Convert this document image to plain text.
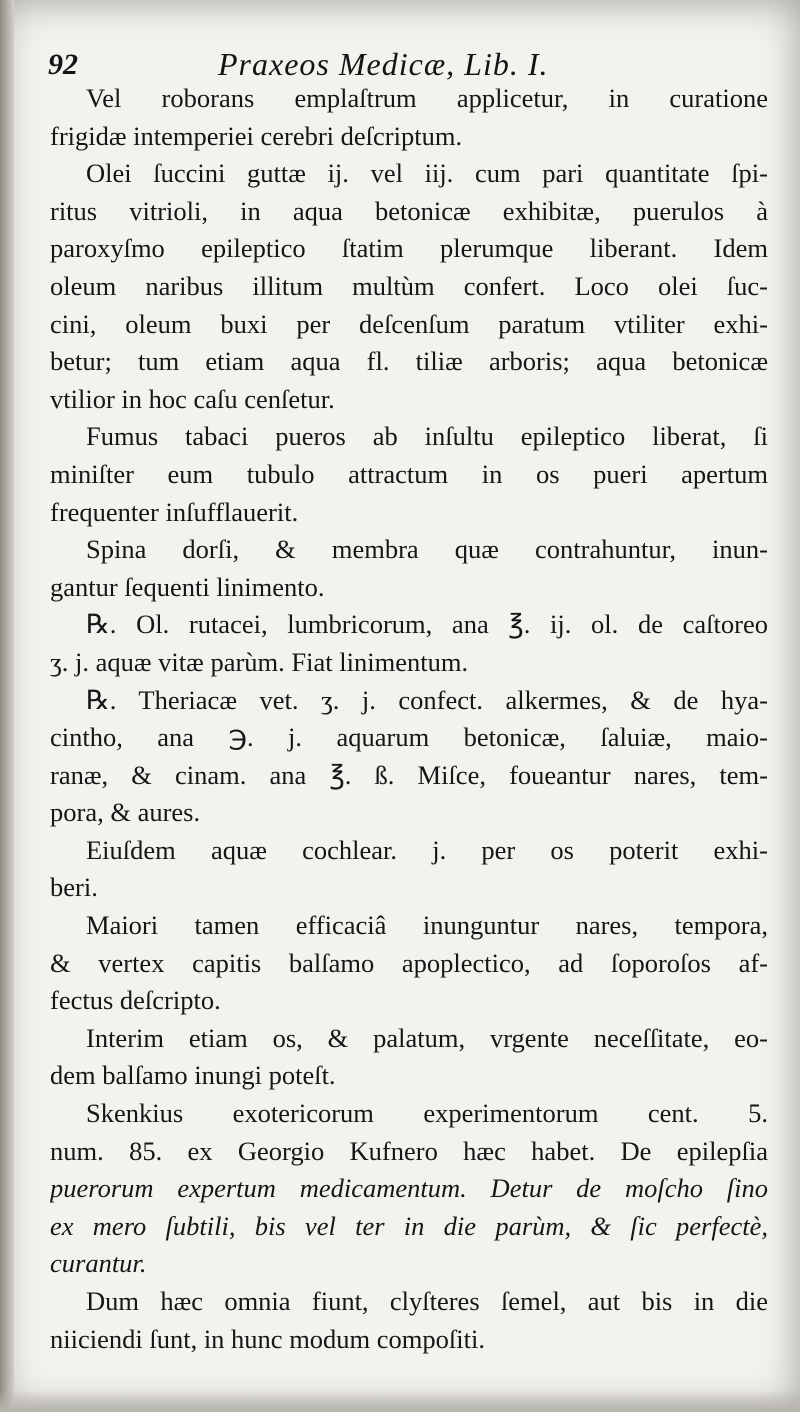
92	Praxeos Medicæ, Lib. I.
Vel roborans emplaſtrum applicetur, in curatione
frigidæ intemperiei cerebri deſcriptum.
Olei ſuccini guttæ ij. vel iij. cum pari quantitate ſpi-
ritus vitrioli, in aqua betonicæ exhibitæ, puerulos à
paroxyſmo epileptico ſtatim plerumque liberant. Idem
oleum naribus illitum multùm confert. Loco olei ſuc-
cini, oleum buxi per deſcenſum paratum vtiliter exhi-
betur; tum etiam aqua fl. tiliæ arboris; aqua betonicæ
vtilior in hoc caſu cenſetur.
Fumus tabaci pueros ab inſultu epileptico liberat, ſi
miniſter eum tubulo attractum in os pueri apertum
frequenter inſufflauerit.
Spina dorſi, & membra quæ contrahuntur, inun-
gantur ſequenti linimento.
℞. Ol. rutacei, lumbricorum, ana ℥. ij. ol. de caſtoreo
ʒ. j. aquæ vitæ parùm. Fiat linimentum.
℞. Theriacæ vet. ʒ. j. confect. alkermes, & de hya-
cintho, ana ℈. j. aquarum betonicæ, ſaluiæ, maio-
ranæ, & cinam. ana ℥. ß. Miſce, foueantur nares, tem-
pora, & aures.
Eiuſdem aquæ cochlear. j. per os poterit exhi-
beri.
Maiori tamen efficaciâ inunguntur nares, tempora,
& vertex capitis balſamo apoplectico, ad ſoporoſos af-
fectus deſcripto.
Interim etiam os, & palatum, vrgente neceſſitate, eo-
dem balſamo inungi poteſt.
Skenkius exotericorum experimentorum cent. 5.
num. 85. ex Georgio Kufnero hæc habet. De epilepſia
puerorum expertum medicamentum. Detur de moſcho ſino
ex mero ſubtili, bis vel ter in die parùm, & ſic perfectè,
curantur.
Dum hæc omnia fiunt, clyſteres ſemel, aut bis in die
niiciendi ſunt, in hunc modum compoſiti.
